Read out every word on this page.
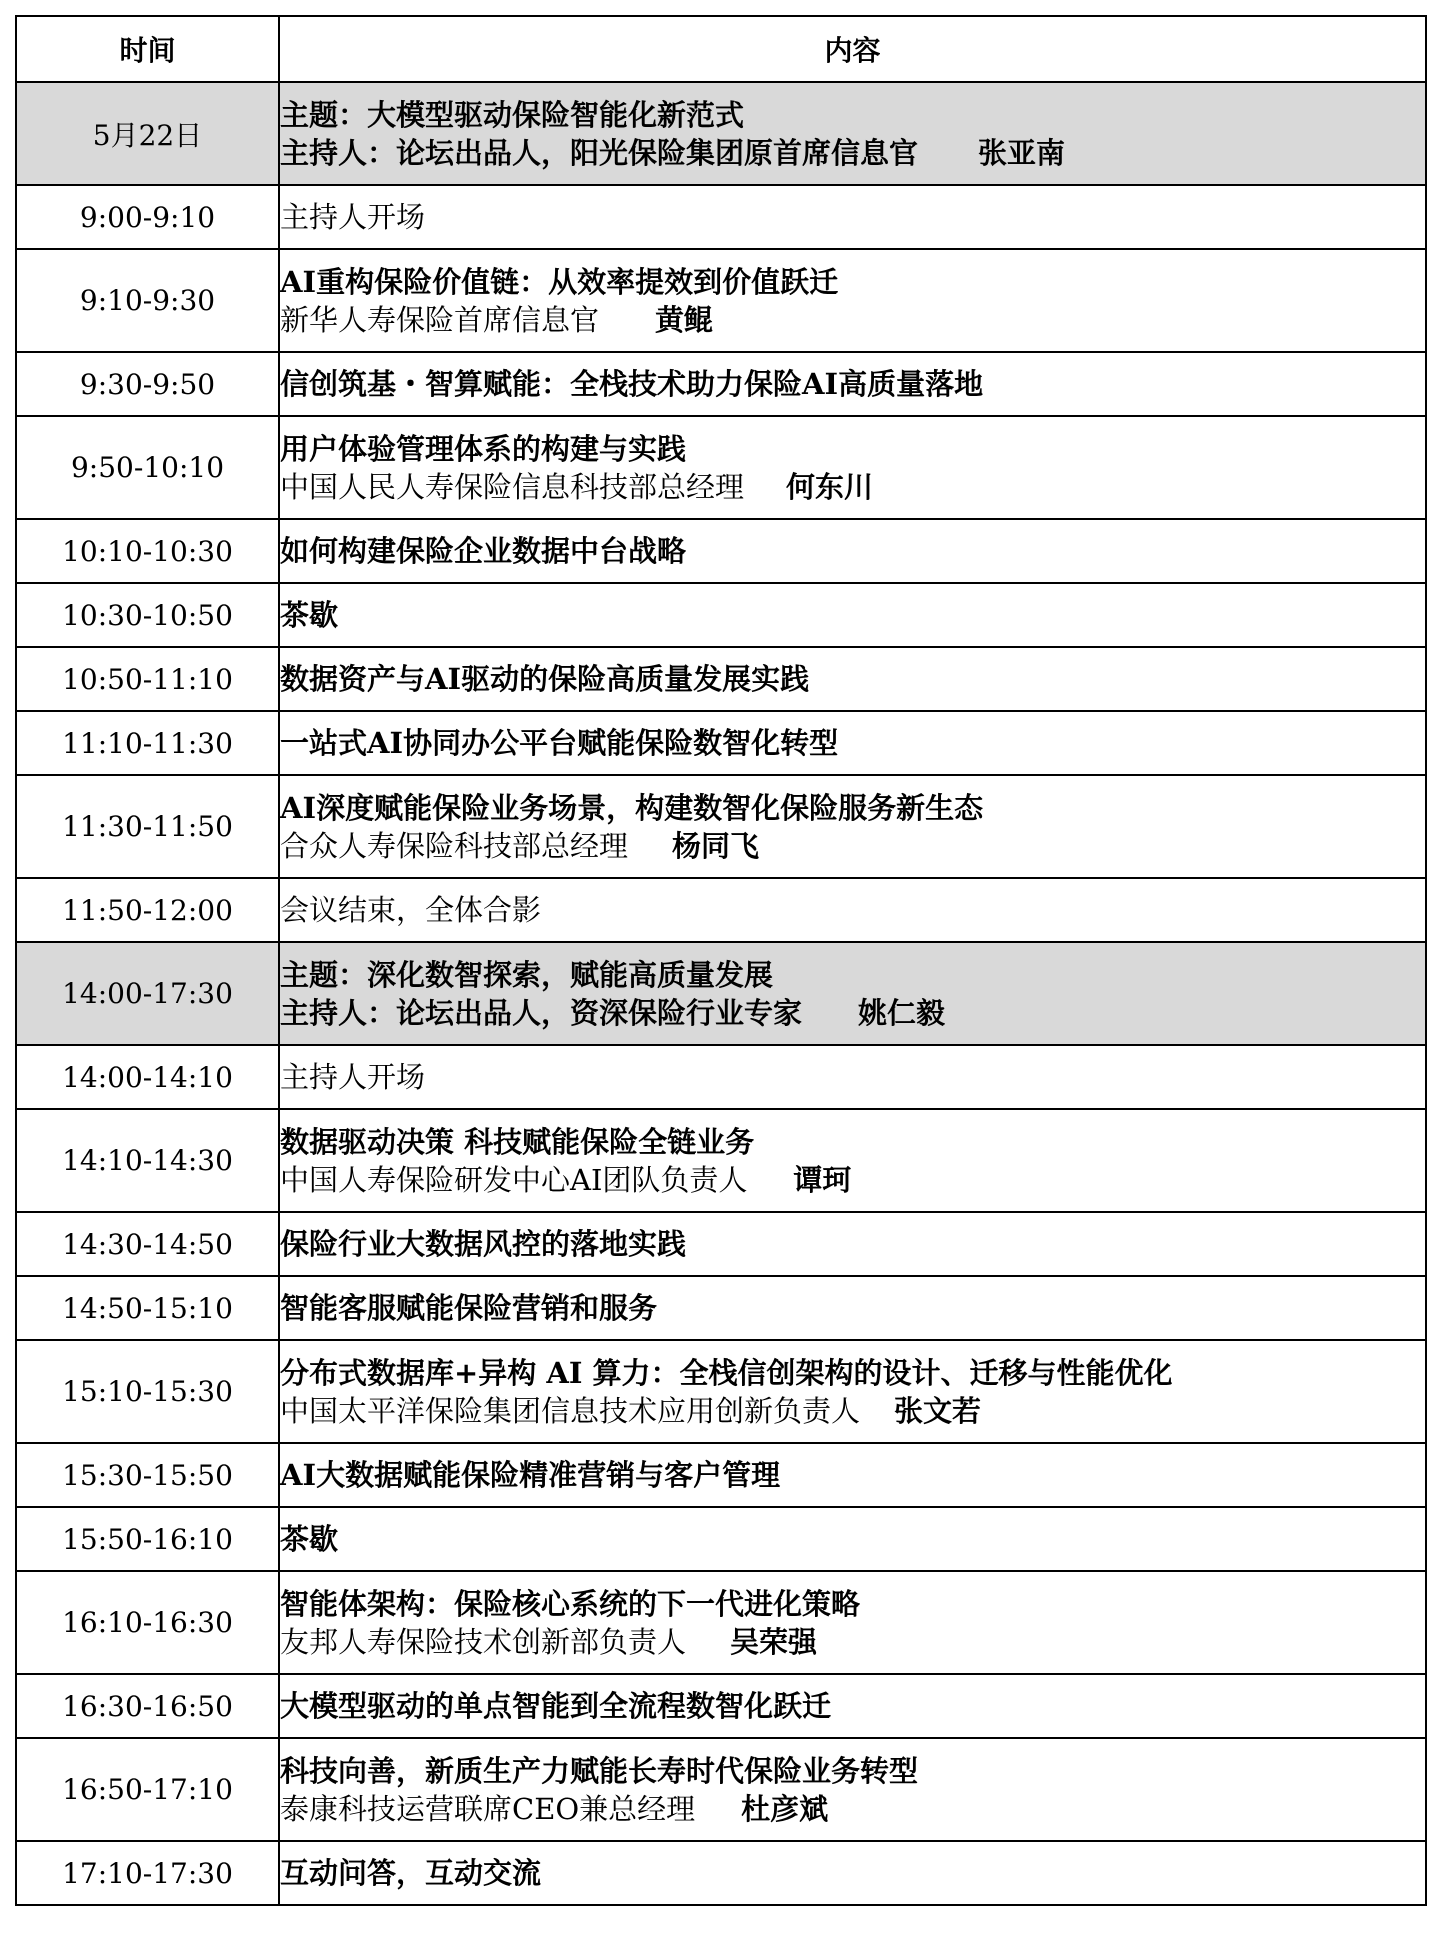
时间	内容
5月22日	主题：大模型驱动保险智能化新范式
主持人：论坛出品人，阳光保险集团原首席信息官 张亚南

9:00-9:10	主持人开场

9:10-9:30	AI重构保险价值链：从效率提效到价值跃迁
新华人寿保险首席信息官 黄鲲

9:30-9:50	信创筑基・智算赋能：全栈技术助力保险AI高质量落地

9:50-10:10	用户体验管理体系的构建与实践
中国人民人寿保险信息科技部总经理 何东川

10:10-10:30	如何构建保险企业数据中台战略

10:30-10:50	茶歇

10:50-11:10	数据资产与AI驱动的保险高质量发展实践

11:10-11:30	一站式AI协同办公平台赋能保险数智化转型

11:30-11:50	AI深度赋能保险业务场景，构建数智化保险服务新生态
合众人寿保险科技部总经理 杨同飞

11:50-12:00	会议结束，全体合影

14:00-17:30	主题：深化数智探索，赋能高质量发展
主持人：论坛出品人，资深保险行业专家 姚仁毅

14:00-14:10	主持人开场

14:10-14:30	数据驱动决策 科技赋能保险全链业务
中国人寿保险研发中心AI团队负责人 谭珂

14:30-14:50	保险行业大数据风控的落地实践

14:50-15:10	智能客服赋能保险营销和服务

15:10-15:30	分布式数据库+异构 AI 算力：全栈信创架构的设计、迁移与性能优化
中国太平洋保险集团信息技术应用创新负责人 张文若

15:30-15:50	AI大数据赋能保险精准营销与客户管理

15:50-16:10	茶歇

16:10-16:30	智能体架构：保险核心系统的下一代进化策略
友邦人寿保险技术创新部负责人 吴荣强

16:30-16:50	大模型驱动的单点智能到全流程数智化跃迁

16:50-17:10	科技向善，新质生产力赋能长寿时代保险业务转型
泰康科技运营联席CEO兼总经理 杜彦斌

17:10-17:30	互动问答，互动交流
